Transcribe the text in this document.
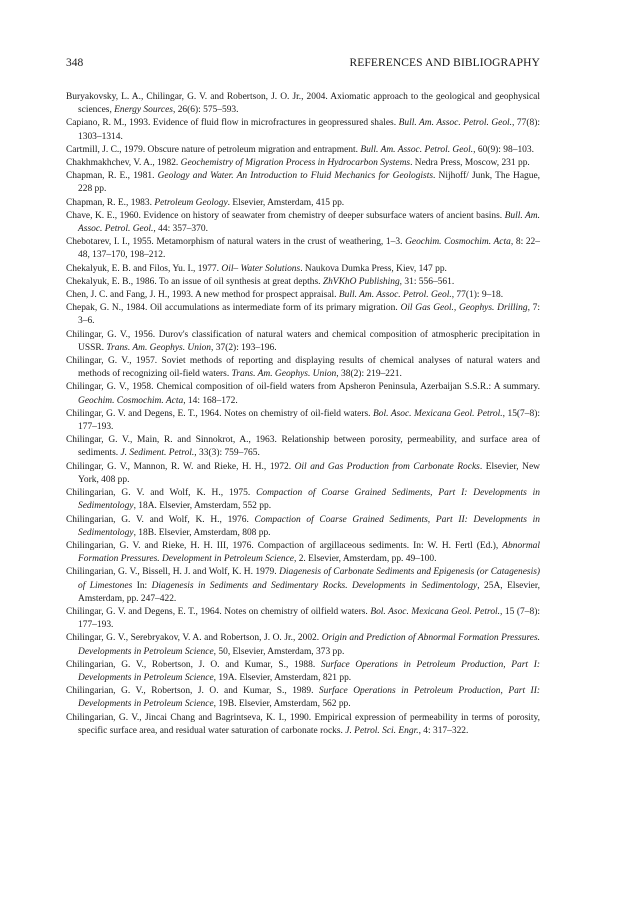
348	REFERENCES AND BIBLIOGRAPHY

Buryakovsky, L. A., Chilingar, G. V. and Robertson, J. O. Jr., 2004. Axiomatic approach to the geological and geophysical sciences, Energy Sources, 26(6): 575–593.

Capiano, R. M., 1993. Evidence of fluid flow in microfractures in geopressured shales. Bull. Am. Assoc. Petrol. Geol., 77(8): 1303–1314.

Cartmill, J. C., 1979. Obscure nature of petroleum migration and entrapment. Bull. Am. Assoc. Petrol. Geol., 60(9): 98–103.

Chakhmakhchev, V. A., 1982. Geochemistry of Migration Process in Hydrocarbon Systems. Nedra Press, Moscow, 231 pp.

Chapman, R. E., 1981. Geology and Water. An Introduction to Fluid Mechanics for Geologists. Nijhoff/ Junk, The Hague, 228 pp.

Chapman, R. E., 1983. Petroleum Geology. Elsevier, Amsterdam, 415 pp.

Chave, K. E., 1960. Evidence on history of seawater from chemistry of deeper subsurface waters of ancient basins. Bull. Am. Assoc. Petrol. Geol., 44: 357–370.

Chebotarev, I. I., 1955. Metamorphism of natural waters in the crust of weathering, 1–3. Geochim. Cosmochim. Acta, 8: 22–48, 137–170, 198–212.

Chekalyuk, E. B. and Filos, Yu. I., 1977. Oil– Water Solutions. Naukova Dumka Press, Kiev, 147 pp.

Chekalyuk, E. B., 1986. To an issue of oil synthesis at great depths. ZhVKhO Publishing, 31: 556–561.

Chen, J. C. and Fang, J. H., 1993. A new method for prospect appraisal. Bull. Am. Assoc. Petrol. Geol., 77(1): 9–18.

Chepak, G. N., 1984. Oil accumulations as intermediate form of its primary migration. Oil Gas Geol., Geophys. Drilling, 7: 3–6.

Chilingar, G. V., 1956. Durov's classification of natural waters and chemical composition of atmospheric precipitation in USSR. Trans. Am. Geophys. Union, 37(2): 193–196.

Chilingar, G. V., 1957. Soviet methods of reporting and displaying results of chemical analyses of natural waters and methods of recognizing oil-field waters. Trans. Am. Geophys. Union, 38(2): 219–221.

Chilingar, G. V., 1958. Chemical composition of oil-field waters from Apsheron Peninsula, Azerbaijan S.S.R.: A summary. Geochim. Cosmochim. Acta, 14: 168–172.

Chilingar, G. V. and Degens, E. T., 1964. Notes on chemistry of oil-field waters. Bol. Asoc. Mexicana Geol. Petrol., 15(7–8): 177–193.

Chilingar, G. V., Main, R. and Sinnokrot, A., 1963. Relationship between porosity, permeability, and surface area of sediments. J. Sediment. Petrol., 33(3): 759–765.

Chilingar, G. V., Mannon, R. W. and Rieke, H. H., 1972. Oil and Gas Production from Carbonate Rocks. Elsevier, New York, 408 pp.

Chilingarian, G. V. and Wolf, K. H., 1975. Compaction of Coarse Grained Sediments, Part I: Developments in Sedimentology, 18A. Elsevier, Amsterdam, 552 pp.

Chilingarian, G. V. and Wolf, K. H., 1976. Compaction of Coarse Grained Sediments, Part II: Developments in Sedimentology, 18B. Elsevier, Amsterdam, 808 pp.

Chilingarian, G. V. and Rieke, H. H. III, 1976. Compaction of argillaceous sediments. In: W. H. Fertl (Ed.), Abnormal Formation Pressures. Development in Petroleum Science, 2. Elsevier, Amsterdam, pp. 49–100.

Chilingarian, G. V., Bissell, H. J. and Wolf, K. H. 1979. Diagenesis of Carbonate Sediments and Epigenesis (or Catagenesis) of Limestones In: Diagenesis in Sediments and Sedimentary Rocks. Developments in Sedimentology, 25A, Elsevier, Amsterdam, pp. 247–422.

Chilingar, G. V. and Degens, E. T., 1964. Notes on chemistry of oilfield waters. Bol. Asoc. Mexicana Geol. Petrol., 15 (7–8): 177–193.

Chilingar, G. V., Serebryakov, V. A. and Robertson, J. O. Jr., 2002. Origin and Prediction of Abnormal Formation Pressures. Developments in Petroleum Science, 50, Elsevier, Amsterdam, 373 pp.

Chilingarian, G. V., Robertson, J. O. and Kumar, S., 1988. Surface Operations in Petroleum Production, Part I: Developments in Petroleum Science, 19A. Elsevier, Amsterdam, 821 pp.

Chilingarian, G. V., Robertson, J. O. and Kumar, S., 1989. Surface Operations in Petroleum Production, Part II: Developments in Petroleum Science, 19B. Elsevier, Amsterdam, 562 pp.

Chilingarian, G. V., Jincai Chang and Bagrintseva, K. I., 1990. Empirical expression of permeability in terms of porosity, specific surface area, and residual water saturation of carbonate rocks. J. Petrol. Sci. Engr., 4: 317–322.
